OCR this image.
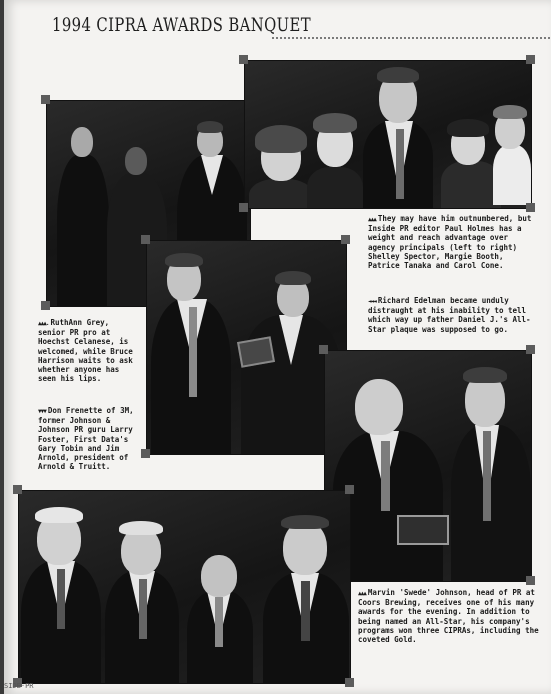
1994 CIPRA AWARDS BANQUET
▲▲▲ They may have him outnumbered, but Inside PR editor Paul Holmes has a weight and reach advantage over agency principals (left to right) Shelley Spector, Margie Booth, Patrice Tanaka and Carol Cone.
◄◄◄ Richard Edelman became unduly distraught at his inability to tell which way up father Daniel J.'s All-Star plaque was supposed to go.
▲▲▲. RuthAnn Grey, senior PR pro at Hoechst Celanese, is welcomed, while Bruce Harrison waits to ask whether anyone has seen his lips.
▼▼▼ Don Frenette of 3M, former Johnson & Johnson PR guru Larry Foster, First Data's Gary Tobin and Jim Arnold, president of Arnold & Truitt.
▲▲▲ Marvin 'Swede' Johnson, head of PR at Coors Brewing, receives one of his many awards for the evening. In addition to being named an All-Star, his company's programs won three CIPRAs, including the coveted Gold.
SIDE·PR
